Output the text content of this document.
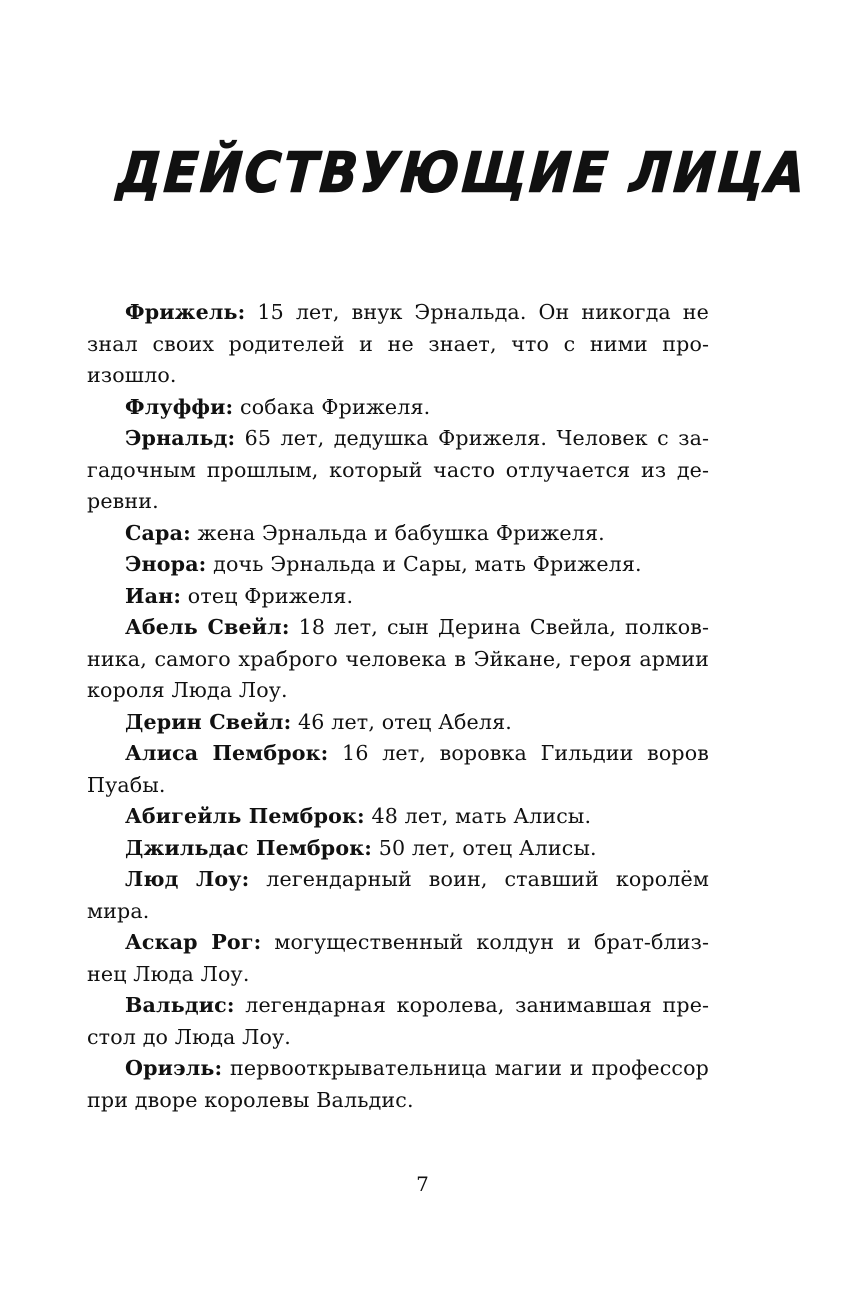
ДЕЙСТВУЮЩИЕ ЛИЦА

Фрижель: 15 лет, внук Эрнальда. Он никогда не знал своих родителей и не знает, что с ними произошло.

Флуффи: собака Фрижеля.

Эрнальд: 65 лет, дедушка Фрижеля. Человек с загадочным прошлым, который часто отлучается из деревни.

Сара: жена Эрнальда и бабушка Фрижеля.

Энора: дочь Эрнальда и Сары, мать Фрижеля.

Иан: отец Фрижеля.

Абель Свейл: 18 лет, сын Дерина Свейла, полковника, самого храброго человека в Эйкане, героя армии короля Люда Лоу.

Дерин Свейл: 46 лет, отец Абеля.

Алиса Пемброк: 16 лет, воровка Гильдии воров Пуабы.

Абигейль Пемброк: 48 лет, мать Алисы.

Джильдас Пемброк: 50 лет, отец Алисы.

Люд Лоу: легендарный воин, ставший королём мира.

Аскар Рог: могущественный колдун и брат-близнец Люда Лоу.

Вальдис: легендарная королева, занимавшая престол до Люда Лоу.

Ориэль: первооткрывательница магии и профессор при дворе королевы Вальдис.

7
